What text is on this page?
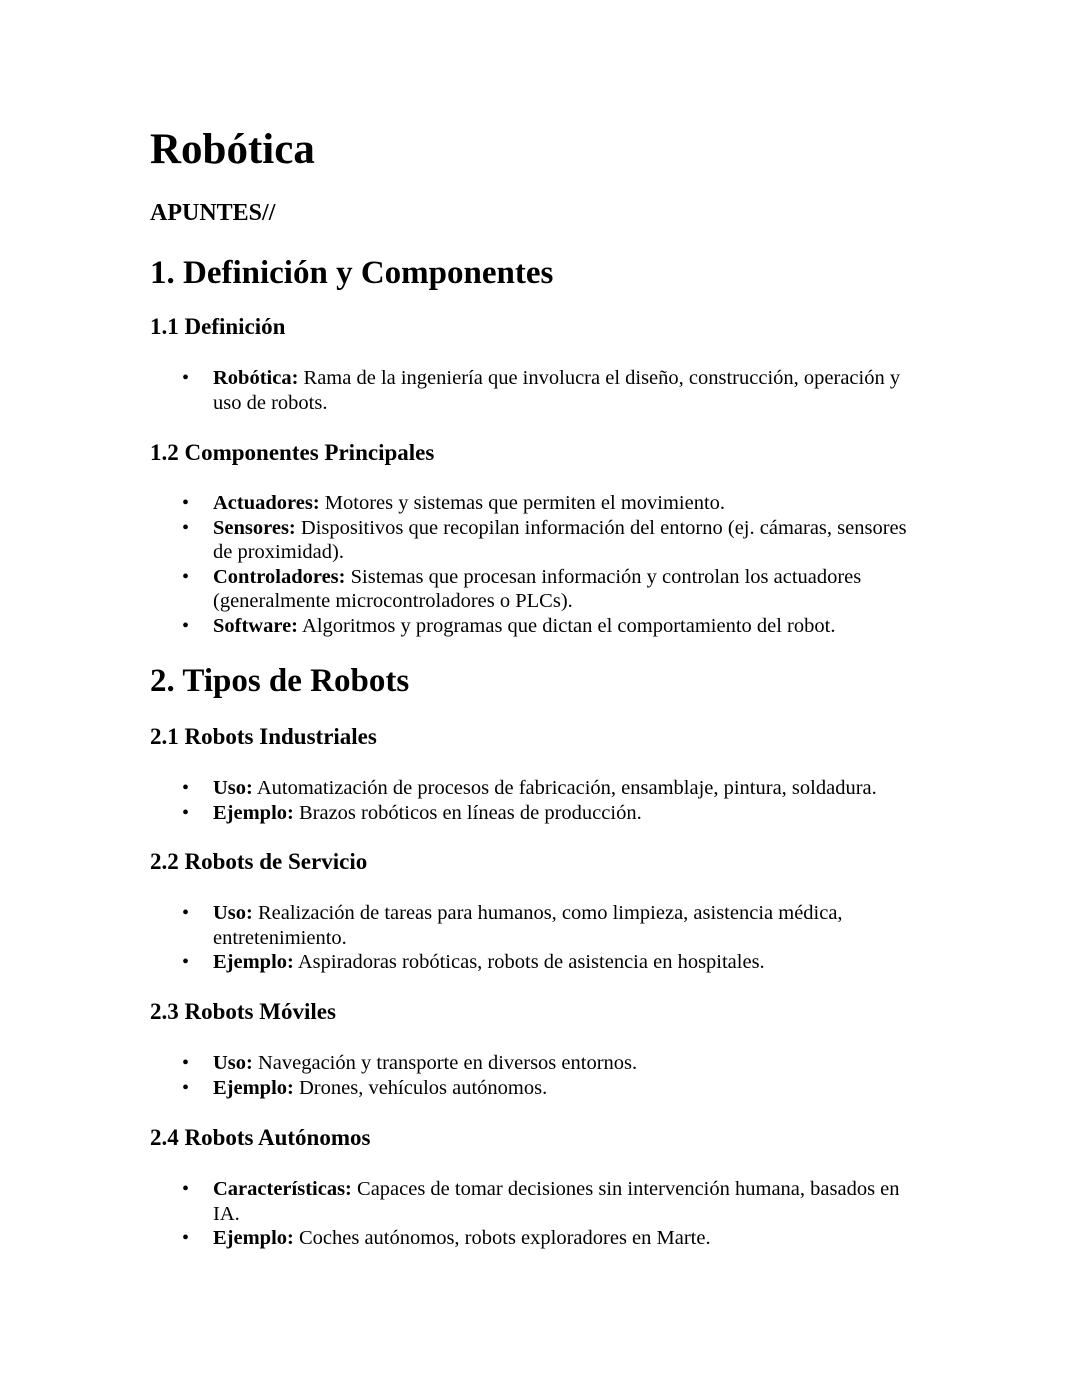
Robótica
APUNTES//
1. Definición y Componentes
1.1 Definición
• Robótica: Rama de la ingeniería que involucra el diseño, construcción, operación y uso de robots.
1.2 Componentes Principales
• Actuadores: Motores y sistemas que permiten el movimiento.
• Sensores: Dispositivos que recopilan información del entorno (ej. cámaras, sensores de proximidad).
• Controladores: Sistemas que procesan información y controlan los actuadores (generalmente microcontroladores o PLCs).
• Software: Algoritmos y programas que dictan el comportamiento del robot.
2. Tipos de Robots
2.1 Robots Industriales
• Uso: Automatización de procesos de fabricación, ensamblaje, pintura, soldadura.
• Ejemplo: Brazos robóticos en líneas de producción.
2.2 Robots de Servicio
• Uso: Realización de tareas para humanos, como limpieza, asistencia médica, entretenimiento.
• Ejemplo: Aspiradoras robóticas, robots de asistencia en hospitales.
2.3 Robots Móviles
• Uso: Navegación y transporte en diversos entornos.
• Ejemplo: Drones, vehículos autónomos.
2.4 Robots Autónomos
• Características: Capaces de tomar decisiones sin intervención humana, basados en IA.
• Ejemplo: Coches autónomos, robots exploradores en Marte.
